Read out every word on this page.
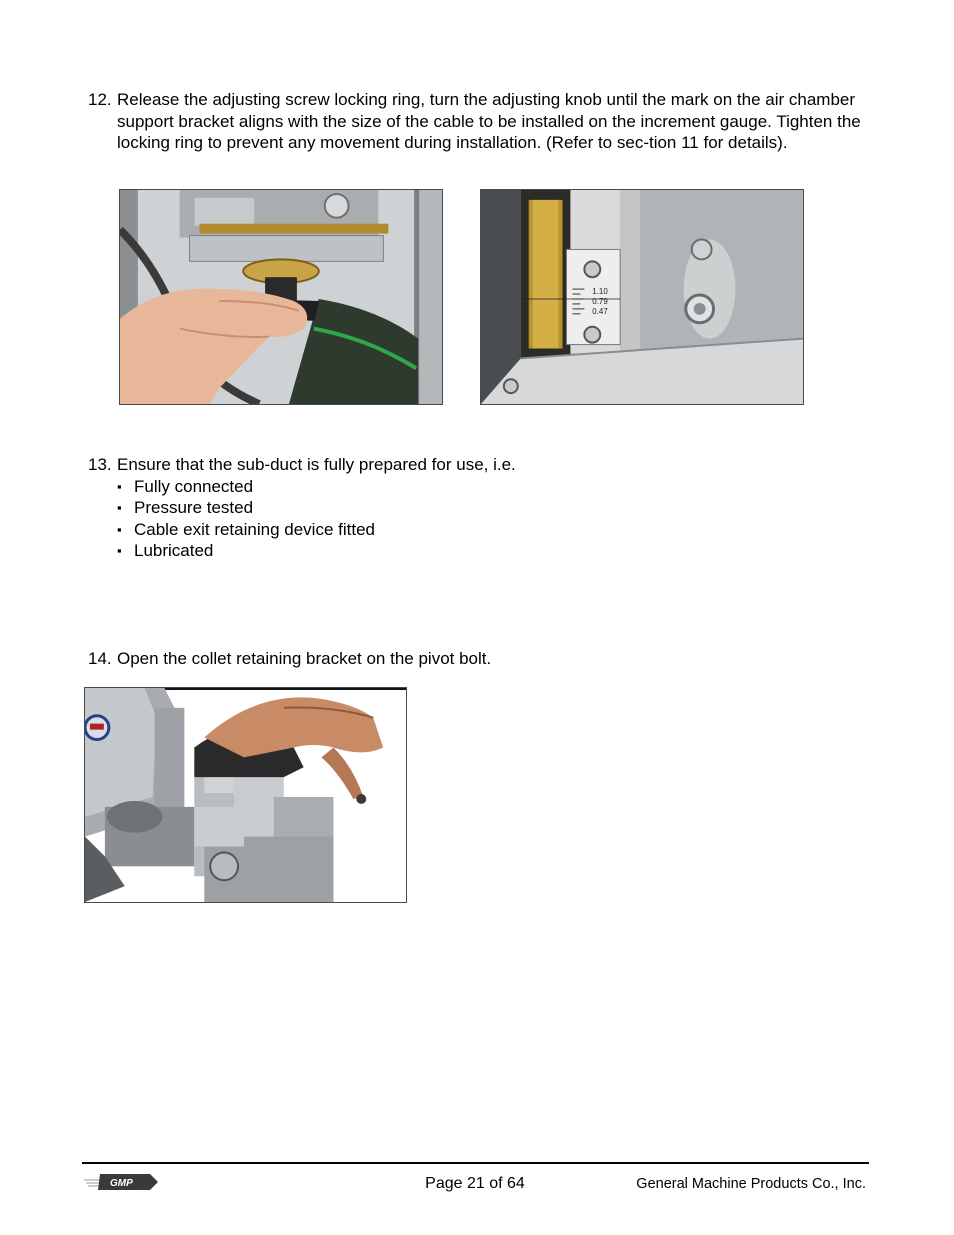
12. Release the adjusting screw locking ring, turn the adjusting knob until the mark on the air chamber support bracket aligns with the size of the cable to be installed on the increment gauge. Tighten the locking ring to prevent any movement during installation. (Refer to sec-tion 11 for details).
1.10
0.79
0.47
13. Ensure that the sub-duct is fully prepared for use, i.e.
▪ Fully connected
▪ Pressure tested
▪ Cable exit retaining device fitted
▪ Lubricated
14. Open the collet retaining bracket on the pivot bolt.
GMP	Page 21 of 64	General Machine Products Co., Inc.
